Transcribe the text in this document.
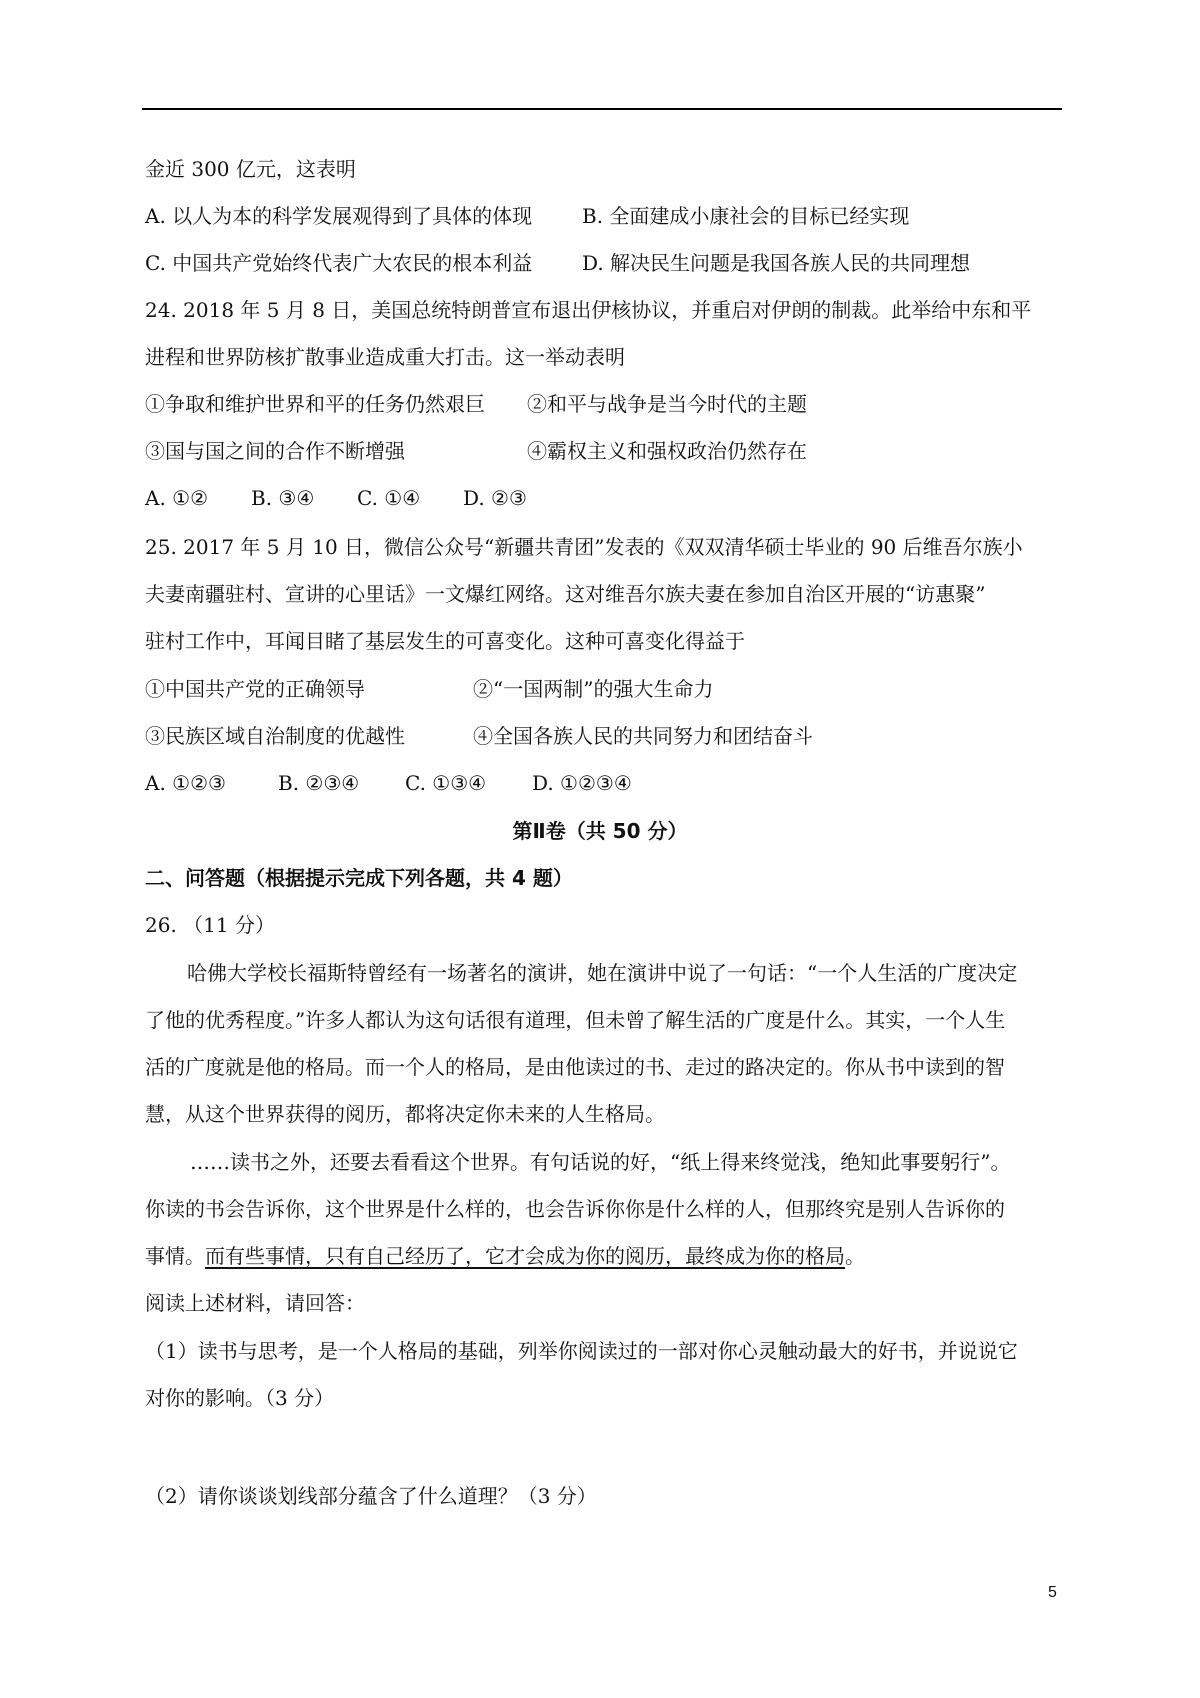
金近 300 亿元，这表明
A. 以人为本的科学发展观得到了具体的体现	B. 全面建成小康社会的目标已经实现
C. 中国共产党始终代表广大农民的根本利益	D. 解决民生问题是我国各族人民的共同理想
24. 2018 年 5 月 8 日，美国总统特朗普宣布退出伊核协议，并重启对伊朗的制裁。此举给中东和平
进程和世界防核扩散事业造成重大打击。这一举动表明
①争取和维护世界和平的任务仍然艰巨	②和平与战争是当今时代的主题
③国与国之间的合作不断增强	④霸权主义和强权政治仍然存在
A. ①②	B. ③④	C. ①④	D. ②③
25. 2017 年 5 月 10 日，微信公众号“新疆共青团”发表的《双双清华硕士毕业的 90 后维吾尔族小
夫妻南疆驻村、宣讲的心里话》一文爆红网络。这对维吾尔族夫妻在参加自治区开展的“访惠聚”
驻村工作中，耳闻目睹了基层发生的可喜变化。这种可喜变化得益于
①中国共产党的正确领导	②“一国两制”的强大生命力
③民族区域自治制度的优越性	④全国各族人民的共同努力和团结奋斗
A. ①②③	B. ②③④	C. ①③④	D. ①②③④
第Ⅱ卷（共 50 分）
二、问答题（根据提示完成下列各题，共 4 题）
26. （11 分）
哈佛大学校长福斯特曾经有一场著名的演讲，她在演讲中说了一句话：“一个人生活的广度决定
了他的优秀程度。”许多人都认为这句话很有道理，但未曾了解生活的广度是什么。其实，一个人生
活的广度就是他的格局。而一个人的格局，是由他读过的书、走过的路决定的。你从书中读到的智
慧，从这个世界获得的阅历，都将决定你未来的人生格局。
……读书之外，还要去看看这个世界。有句话说的好，“纸上得来终觉浅，绝知此事要躬行”。
你读的书会告诉你，这个世界是什么样的，也会告诉你你是什么样的人，但那终究是别人告诉你的
事情。而有些事情，只有自己经历了，它才会成为你的阅历，最终成为你的格局。
阅读上述材料，请回答：
（1）读书与思考，是一个人格局的基础，列举你阅读过的一部对你心灵触动最大的好书，并说说它
对你的影响。（3 分）
（2）请你谈谈划线部分蕴含了什么道理？（3 分）
5
